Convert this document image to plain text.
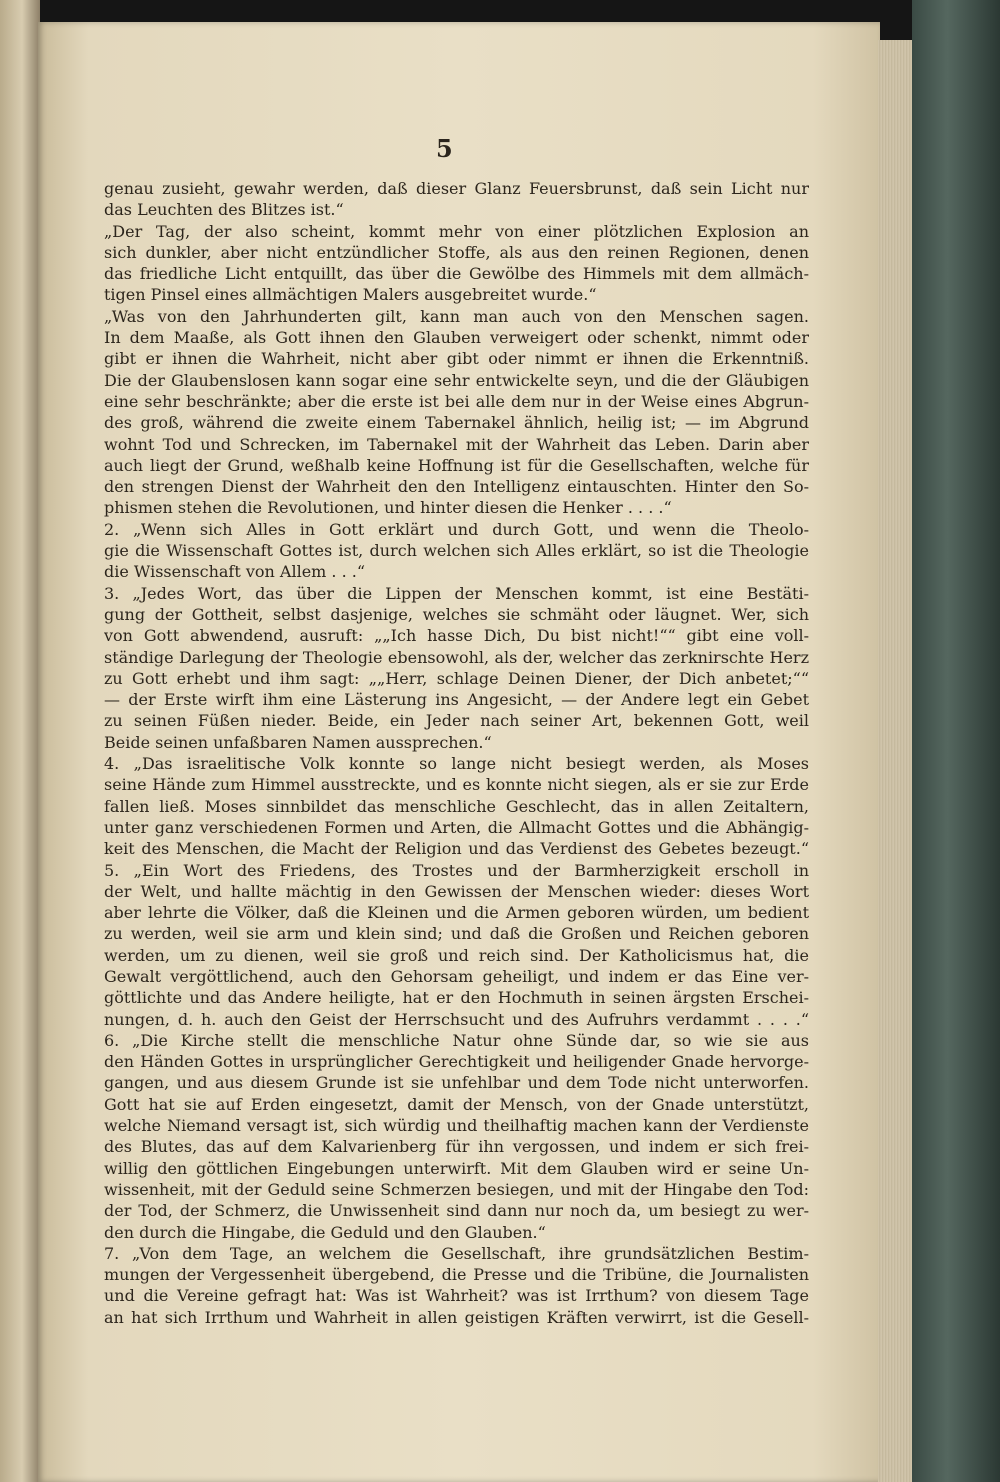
5
genau zusieht, gewahr werden, daß dieser Glanz Feuersbrunst, daß sein Licht nur
das Leuchten des Blitzes ist.“
„Der Tag, der also scheint, kommt mehr von einer plötzlichen Explosion an
sich dunkler, aber nicht entzündlicher Stoffe, als aus den reinen Regionen, denen
das friedliche Licht entquillt, das über die Gewölbe des Himmels mit dem allmäch-
tigen Pinsel eines allmächtigen Malers ausgebreitet wurde.“
„Was von den Jahrhunderten gilt, kann man auch von den Menschen sagen.
In dem Maaße, als Gott ihnen den Glauben verweigert oder schenkt, nimmt oder
gibt er ihnen die Wahrheit, nicht aber gibt oder nimmt er ihnen die Erkenntniß.
Die der Glaubenslosen kann sogar eine sehr entwickelte seyn, und die der Gläubigen
eine sehr beschränkte; aber die erste ist bei alle dem nur in der Weise eines Abgrun-
des groß, während die zweite einem Tabernakel ähnlich, heilig ist; — im Abgrund
wohnt Tod und Schrecken, im Tabernakel mit der Wahrheit das Leben. Darin aber
auch liegt der Grund, weßhalb keine Hoffnung ist für die Gesellschaften, welche für
den strengen Dienst der Wahrheit den den Intelligenz eintauschten. Hinter den So-
phismen stehen die Revolutionen, und hinter diesen die Henker . . . .“
2. „Wenn sich Alles in Gott erklärt und durch Gott, und wenn die Theolo-
gie die Wissenschaft Gottes ist, durch welchen sich Alles erklärt, so ist die Theologie
die Wissenschaft von Allem . . .“
3. „Jedes Wort, das über die Lippen der Menschen kommt, ist eine Bestäti-
gung der Gottheit, selbst dasjenige, welches sie schmäht oder läugnet. Wer, sich
von Gott abwendend, ausruft: „„Ich hasse Dich, Du bist nicht!““ gibt eine voll-
ständige Darlegung der Theologie ebensowohl, als der, welcher das zerknirschte Herz
zu Gott erhebt und ihm sagt: „„Herr, schlage Deinen Diener, der Dich anbetet;““
— der Erste wirft ihm eine Lästerung ins Angesicht, — der Andere legt ein Gebet
zu seinen Füßen nieder. Beide, ein Jeder nach seiner Art, bekennen Gott, weil
Beide seinen unfaßbaren Namen aussprechen.“
4. „Das israelitische Volk konnte so lange nicht besiegt werden, als Moses
seine Hände zum Himmel ausstreckte, und es konnte nicht siegen, als er sie zur Erde
fallen ließ. Moses sinnbildet das menschliche Geschlecht, das in allen Zeitaltern,
unter ganz verschiedenen Formen und Arten, die Allmacht Gottes und die Abhängig-
keit des Menschen, die Macht der Religion und das Verdienst des Gebetes bezeugt.“
5. „Ein Wort des Friedens, des Trostes und der Barmherzigkeit erscholl in
der Welt, und hallte mächtig in den Gewissen der Menschen wieder: dieses Wort
aber lehrte die Völker, daß die Kleinen und die Armen geboren würden, um bedient
zu werden, weil sie arm und klein sind; und daß die Großen und Reichen geboren
werden, um zu dienen, weil sie groß und reich sind. Der Katholicismus hat, die
Gewalt vergöttlichend, auch den Gehorsam geheiligt, und indem er das Eine ver-
göttlichte und das Andere heiligte, hat er den Hochmuth in seinen ärgsten Erschei-
nungen, d. h. auch den Geist der Herrschsucht und des Aufruhrs verdammt . . . .“
6. „Die Kirche stellt die menschliche Natur ohne Sünde dar, so wie sie aus
den Händen Gottes in ursprünglicher Gerechtigkeit und heiligender Gnade hervorge-
gangen, und aus diesem Grunde ist sie unfehlbar und dem Tode nicht unterworfen.
Gott hat sie auf Erden eingesetzt, damit der Mensch, von der Gnade unterstützt,
welche Niemand versagt ist, sich würdig und theilhaftig machen kann der Verdienste
des Blutes, das auf dem Kalvarienberg für ihn vergossen, und indem er sich frei-
willig den göttlichen Eingebungen unterwirft. Mit dem Glauben wird er seine Un-
wissenheit, mit der Geduld seine Schmerzen besiegen, und mit der Hingabe den Tod:
der Tod, der Schmerz, die Unwissenheit sind dann nur noch da, um besiegt zu wer-
den durch die Hingabe, die Geduld und den Glauben.“
7. „Von dem Tage, an welchem die Gesellschaft, ihre grundsätzlichen Bestim-
mungen der Vergessenheit übergebend, die Presse und die Tribüne, die Journalisten
und die Vereine gefragt hat: Was ist Wahrheit? was ist Irrthum? von diesem Tage
an hat sich Irrthum und Wahrheit in allen geistigen Kräften verwirrt, ist die Gesell-
